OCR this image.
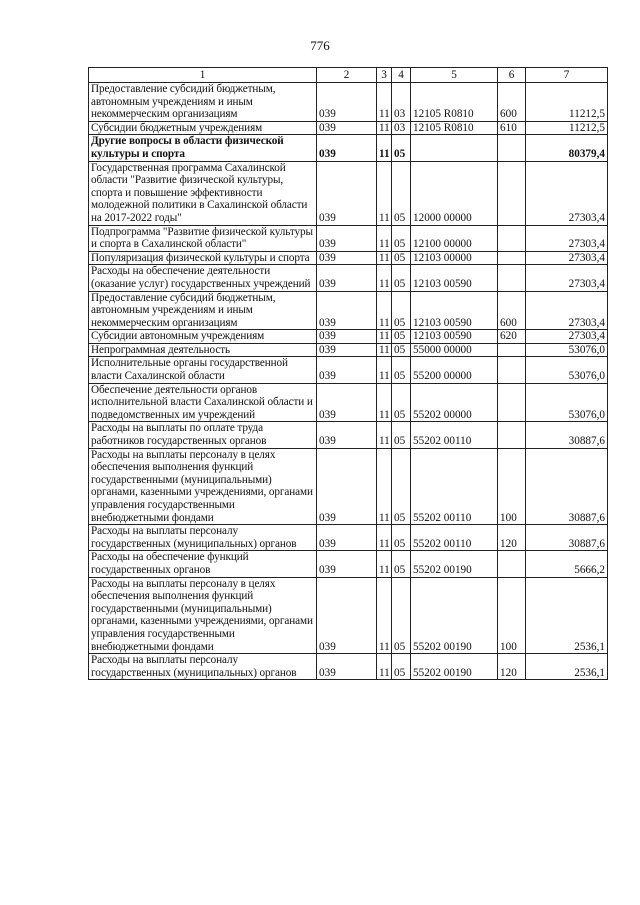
776
1	2	3	4	5	6	7
Предоставление субсидий бюджетным, автономным учреждениям и иным некоммерческим организациям	039	11	03	12105 R0810	600	11212,5
Субсидии бюджетным учреждениям	039	11	03	12105 R0810	610	11212,5
Другие вопросы в области физической культуры и спорта	039	11	05			80379,4
Государственная программа Сахалинской области "Развитие физической культуры, спорта и повышение эффективности молодежной политики в Сахалинской области на 2017-2022 годы"	039	11	05	12000 00000		27303,4
Подпрограмма "Развитие физической культуры и спорта в Сахалинской области"	039	11	05	12100 00000		27303,4
Популяризация физической культуры и спорта	039	11	05	12103 00000		27303,4
Расходы на обеспечение деятельности (оказание услуг) государственных учреждений	039	11	05	12103 00590		27303,4
Предоставление субсидий бюджетным, автономным учреждениям и иным некоммерческим организациям	039	11	05	12103 00590	600	27303,4
Субсидии автономным учреждениям	039	11	05	12103 00590	620	27303,4
Непрограммная деятельность	039	11	05	55000 00000		53076,0
Исполнительные органы государственной власти Сахалинской области	039	11	05	55200 00000		53076,0
Обеспечение деятельности органов исполнительной власти Сахалинской области и подведомственных им учреждений	039	11	05	55202 00000		53076,0
Расходы на выплаты по оплате труда работников государственных органов	039	11	05	55202 00110		30887,6
Расходы на выплаты персоналу в целях обеспечения выполнения функций государственными (муниципальными) органами, казенными учреждениями, органами управления государственными внебюджетными фондами	039	11	05	55202 00110	100	30887,6
Расходы на выплаты персоналу государственных (муниципальных) органов	039	11	05	55202 00110	120	30887,6
Расходы на обеспечение функций государственных органов	039	11	05	55202 00190		5666,2
Расходы на выплаты персоналу в целях обеспечения выполнения функций государственными (муниципальными) органами, казенными учреждениями, органами управления государственными внебюджетными фондами	039	11	05	55202 00190	100	2536,1
Расходы на выплаты персоналу государственных (муниципальных) органов	039	11	05	55202 00190	120	2536,1
